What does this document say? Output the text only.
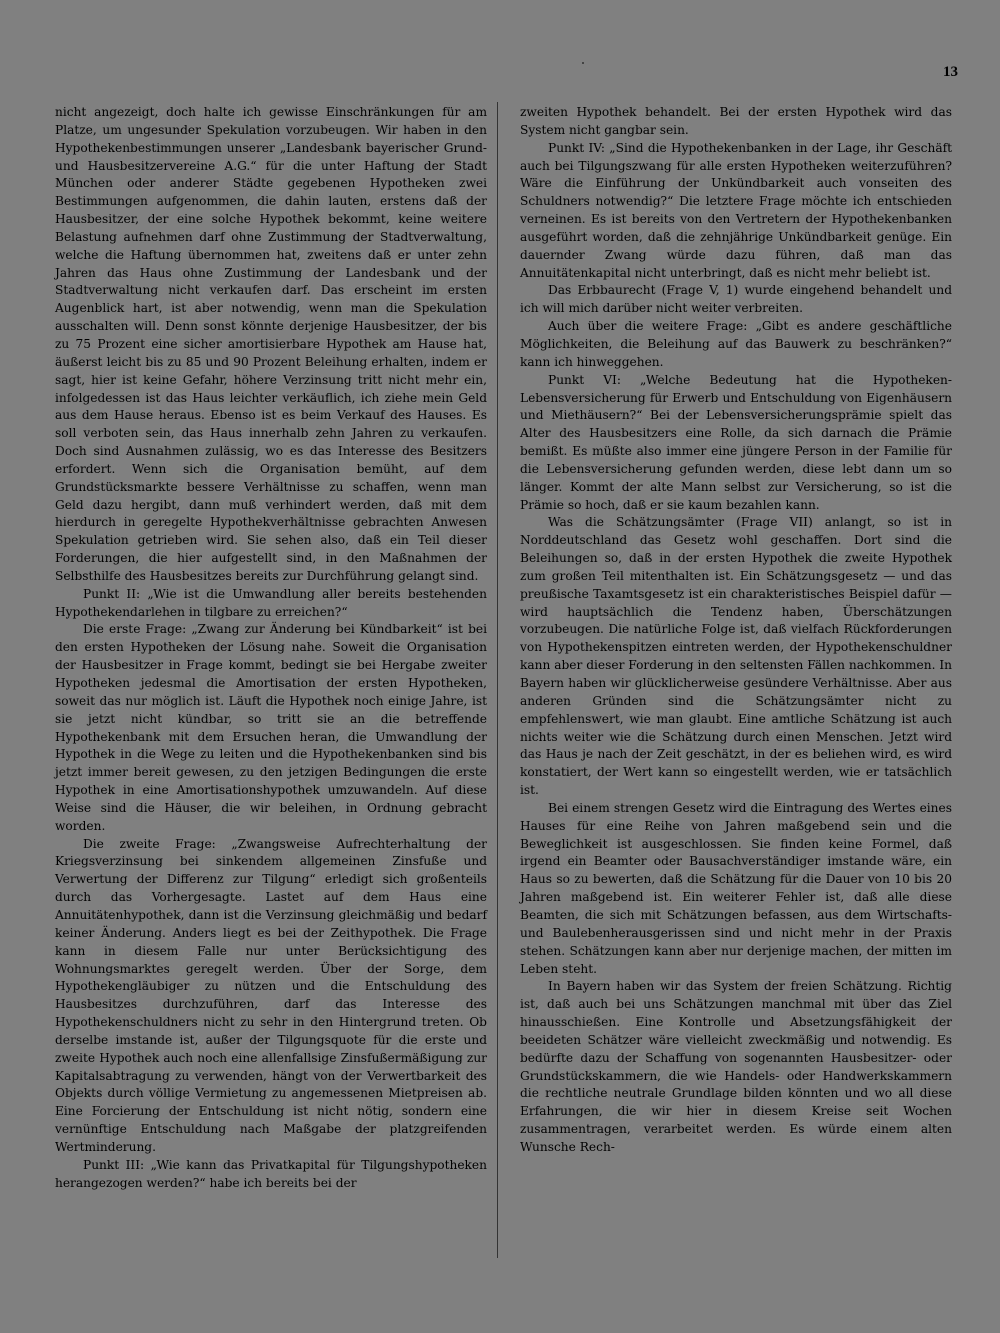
13

nicht angezeigt, doch halte ich gewisse Einschränkungen für am Platze, um ungesunder Spekulation vorzubeugen. Wir haben in den Hypothekenbestimmungen unserer „Landesbank bayerischer Grund- und Hausbesitzervereine A.G.“ für die unter Haftung der Stadt München oder anderer Städte gegebenen Hypotheken zwei Bestimmungen aufgenommen, die dahin lauten, erstens daß der Hausbesitzer, der eine solche Hypothek bekommt, keine weitere Belastung aufnehmen darf ohne Zustimmung der Stadtverwaltung, welche die Haftung übernommen hat, zweitens daß er unter zehn Jahren das Haus ohne Zustimmung der Landesbank und der Stadtverwaltung nicht verkaufen darf. Das erscheint im ersten Augenblick hart, ist aber notwendig, wenn man die Spekulation ausschalten will. Denn sonst könnte derjenige Hausbesitzer, der bis zu 75 Prozent eine sicher amortisierbare Hypothek am Hause hat, äußerst leicht bis zu 85 und 90 Prozent Beleihung erhalten, indem er sagt, hier ist keine Gefahr, höhere Verzinsung tritt nicht mehr ein, infolgedessen ist das Haus leichter verkäuflich, ich ziehe mein Geld aus dem Hause heraus. Ebenso ist es beim Verkauf des Hauses. Es soll verboten sein, das Haus innerhalb zehn Jahren zu verkaufen. Doch sind Ausnahmen zulässig, wo es das Interesse des Besitzers erfordert. Wenn sich die Organisation bemüht, auf dem Grundstücksmarkte bessere Verhältnisse zu schaffen, wenn man Geld dazu hergibt, dann muß verhindert werden, daß mit dem hierdurch in geregelte Hypothekverhältnisse gebrachten Anwesen Spekulation getrieben wird. Sie sehen also, daß ein Teil dieser Forderungen, die hier aufgestellt sind, in den Maßnahmen der Selbsthilfe des Hausbesitzes bereits zur Durchführung gelangt sind.

Punkt II: „Wie ist die Umwandlung aller bereits bestehenden Hypothekendarlehen in tilgbare zu erreichen?“

Die erste Frage: „Zwang zur Änderung bei Kündbarkeit“ ist bei den ersten Hypotheken der Lösung nahe. Soweit die Organisation der Hausbesitzer in Frage kommt, bedingt sie bei Hergabe zweiter Hypotheken jedesmal die Amortisation der ersten Hypotheken, soweit das nur möglich ist. Läuft die Hypothek noch einige Jahre, ist sie jetzt nicht kündbar, so tritt sie an die betreffende Hypothekenbank mit dem Ersuchen heran, die Umwandlung der Hypothek in die Wege zu leiten und die Hypothekenbanken sind bis jetzt immer bereit gewesen, zu den jetzigen Bedingungen die erste Hypothek in eine Amortisationshypothek umzuwandeln. Auf diese Weise sind die Häuser, die wir beleihen, in Ordnung gebracht worden.

Die zweite Frage: „Zwangsweise Aufrechterhaltung der Kriegsverzinsung bei sinkendem allgemeinen Zinsfuße und Verwertung der Differenz zur Tilgung“ erledigt sich großenteils durch das Vorhergesagte. Lastet auf dem Haus eine Annuitätenhypothek, dann ist die Verzinsung gleichmäßig und bedarf keiner Änderung. Anders liegt es bei der Zeithypothek. Die Frage kann in diesem Falle nur unter Berücksichtigung des Wohnungsmarktes geregelt werden. Über der Sorge, dem Hypothekengläubiger zu nützen und die Entschuldung des Hausbesitzes durchzuführen, darf das Interesse des Hypothekenschuldners nicht zu sehr in den Hintergrund treten. Ob derselbe imstande ist, außer der Tilgungsquote für die erste und zweite Hypothek auch noch eine allenfallsige Zinsfußermäßigung zur Kapitalsabtragung zu verwenden, hängt von der Verwertbarkeit des Objekts durch völlige Vermietung zu angemessenen Mietpreisen ab. Eine Forcierung der Entschuldung ist nicht nötig, sondern eine vernünftige Entschuldung nach Maßgabe der platzgreifenden Wertminderung.

Punkt III: „Wie kann das Privatkapital für Tilgungshypotheken herangezogen werden?“ habe ich bereits bei der

zweiten Hypothek behandelt. Bei der ersten Hypothek wird das System nicht gangbar sein.

Punkt IV: „Sind die Hypothekenbanken in der Lage, ihr Geschäft auch bei Tilgungszwang für alle ersten Hypotheken weiterzuführen? Wäre die Einführung der Unkündbarkeit auch vonseiten des Schuldners notwendig?“ Die letztere Frage möchte ich entschieden verneinen. Es ist bereits von den Vertretern der Hypothekenbanken ausgeführt worden, daß die zehnjährige Unkündbarkeit genüge. Ein dauernder Zwang würde dazu führen, daß man das Annuitätenkapital nicht unterbringt, daß es nicht mehr beliebt ist.

Das Erbbaurecht (Frage V, 1) wurde eingehend behandelt und ich will mich darüber nicht weiter verbreiten.

Auch über die weitere Frage: „Gibt es andere geschäftliche Möglichkeiten, die Beleihung auf das Bauwerk zu beschränken?“ kann ich hinweggehen.

Punkt VI: „Welche Bedeutung hat die Hypotheken-Lebensversicherung für Erwerb und Entschuldung von Eigenhäusern und Miethäusern?“ Bei der Lebensversicherungsprämie spielt das Alter des Hausbesitzers eine Rolle, da sich darnach die Prämie bemißt. Es müßte also immer eine jüngere Person in der Familie für die Lebensversicherung gefunden werden, diese lebt dann um so länger. Kommt der alte Mann selbst zur Versicherung, so ist die Prämie so hoch, daß er sie kaum bezahlen kann.

Was die Schätzungsämter (Frage VII) anlangt, so ist in Norddeutschland das Gesetz wohl geschaffen. Dort sind die Beleihungen so, daß in der ersten Hypothek die zweite Hypothek zum großen Teil mitenthalten ist. Ein Schätzungsgesetz — und das preußische Taxamtsgesetz ist ein charakteristisches Beispiel dafür — wird hauptsächlich die Tendenz haben, Überschätzungen vorzubeugen. Die natürliche Folge ist, daß vielfach Rückforderungen von Hypothekenspitzen eintreten werden, der Hypothekenschuldner kann aber dieser Forderung in den seltensten Fällen nachkommen. In Bayern haben wir glücklicherweise gesündere Verhältnisse. Aber aus anderen Gründen sind die Schätzungsämter nicht zu empfehlenswert, wie man glaubt. Eine amtliche Schätzung ist auch nichts weiter wie die Schätzung durch einen Menschen. Jetzt wird das Haus je nach der Zeit geschätzt, in der es beliehen wird, es wird konstatiert, der Wert kann so eingestellt werden, wie er tatsächlich ist.

Bei einem strengen Gesetz wird die Eintragung des Wertes eines Hauses für eine Reihe von Jahren maßgebend sein und die Beweglichkeit ist ausgeschlossen. Sie finden keine Formel, daß irgend ein Beamter oder Bausachverständiger imstande wäre, ein Haus so zu bewerten, daß die Schätzung für die Dauer von 10 bis 20 Jahren maßgebend ist. Ein weiterer Fehler ist, daß alle diese Beamten, die sich mit Schätzungen befassen, aus dem Wirtschafts- und Baulebenherausgerissen sind und nicht mehr in der Praxis stehen. Schätzungen kann aber nur derjenige machen, der mitten im Leben steht.

In Bayern haben wir das System der freien Schätzung. Richtig ist, daß auch bei uns Schätzungen manchmal mit über das Ziel hinausschießen. Eine Kontrolle und Absetzungsfähigkeit der beeideten Schätzer wäre vielleicht zweckmäßig und notwendig. Es bedürfte dazu der Schaffung von sogenannten Hausbesitzer- oder Grundstückskammern, die wie Handels- oder Handwerkskammern die rechtliche neutrale Grundlage bilden könnten und wo all diese Erfahrungen, die wir hier in diesem Kreise seit Wochen zusammentragen, verarbeitet werden. Es würde einem alten Wunsche Rech-
